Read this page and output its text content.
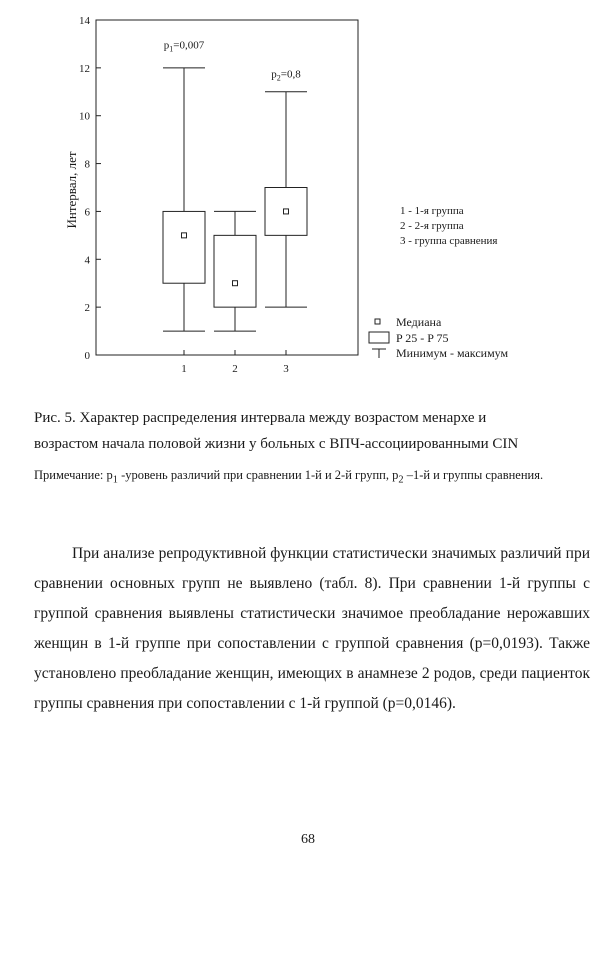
0
2
4
6
8
10
12
14
1	2	3
Интервал, лет
$p_1=0,007$
$p_2=0,8$
1 - 1-я группа
2 - 2-я группа
3 - группа сравнения
Медиана
P 25 - P 75
Минимум - максимум

Рис. 5. Характер распределения интервала между возрастом менархе и
возрастом начала половой жизни у больных с ВПЧ-ассоциированными CIN

Примечание: $р_1$ -уровень различий при сравнении 1-й и 2-й групп, $р_2$ –1-й и группы сравнения.

При анализе репродуктивной функции статистически значимых различий при сравнении основных групп не выявлено (табл. 8). При сравнении 1-й группы с группой сравнения выявлены статистически значимое преобладание нерожавших женщин в 1-й группе при сопоставлении с группой сравнения (р=0,0193). Также установлено преобладание женщин, имеющих в анамнезе 2 родов, среди пациенток группы сравнения при сопоставлении с 1-й группой (р=0,0146).

68
